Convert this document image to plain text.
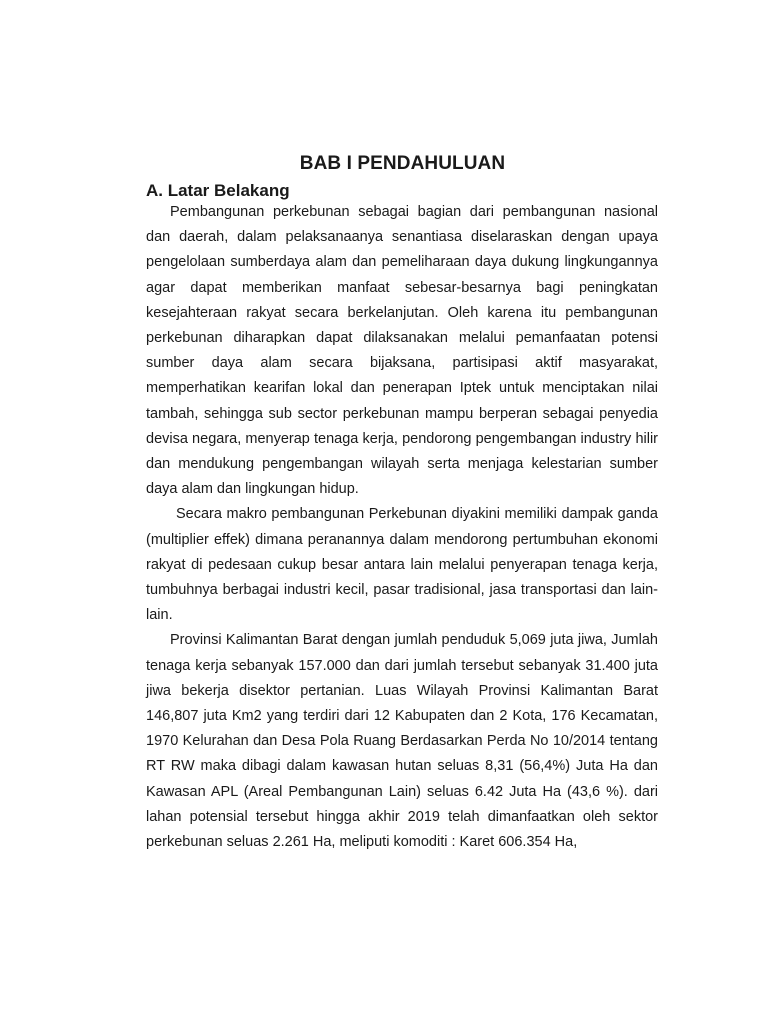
BAB I PENDAHULUAN
A. Latar Belakang

Pembangunan perkebunan sebagai bagian dari pembangunan nasional dan daerah, dalam pelaksanaanya senantiasa diselaraskan dengan upaya pengelolaan sumberdaya alam dan pemeliharaan daya dukung lingkungannya agar dapat memberikan manfaat sebesar-besarnya bagi peningkatan kesejahteraan rakyat secara berkelanjutan. Oleh karena itu pembangunan perkebunan diharapkan dapat dilaksanakan melalui pemanfaatan potensi sumber daya alam secara bijaksana, partisipasi aktif masyarakat, memperhatikan kearifan lokal dan penerapan Iptek untuk menciptakan nilai tambah, sehingga sub sector perkebunan mampu berperan sebagai penyedia devisa negara, menyerap tenaga kerja, pendorong pengembangan industry hilir dan mendukung pengembangan wilayah serta menjaga kelestarian sumber daya alam dan lingkungan hidup.

Secara makro pembangunan Perkebunan diyakini memiliki dampak ganda (multiplier effek) dimana peranannya dalam mendorong pertumbuhan ekonomi rakyat di pedesaan cukup besar antara lain melalui penyerapan tenaga kerja, tumbuhnya berbagai industri kecil, pasar tradisional, jasa transportasi dan lain-lain.

Provinsi Kalimantan Barat dengan jumlah penduduk 5,069 juta jiwa, Jumlah tenaga kerja sebanyak 157.000 dan dari jumlah tersebut sebanyak 31.400 juta jiwa bekerja disektor pertanian. Luas Wilayah Provinsi Kalimantan Barat 146,807 juta Km2 yang terdiri dari 12 Kabupaten dan 2 Kota, 176 Kecamatan, 1970 Kelurahan dan Desa Pola Ruang Berdasarkan Perda No 10/2014 tentang RT RW maka dibagi dalam kawasan hutan seluas 8,31 (56,4%) Juta Ha dan Kawasan APL (Areal Pembangunan Lain) seluas 6.42 Juta Ha (43,6 %). dari lahan potensial tersebut hingga akhir 2019 telah dimanfaatkan oleh sektor perkebunan seluas 2.261 Ha, meliputi komoditi : Karet 606.354 Ha,
